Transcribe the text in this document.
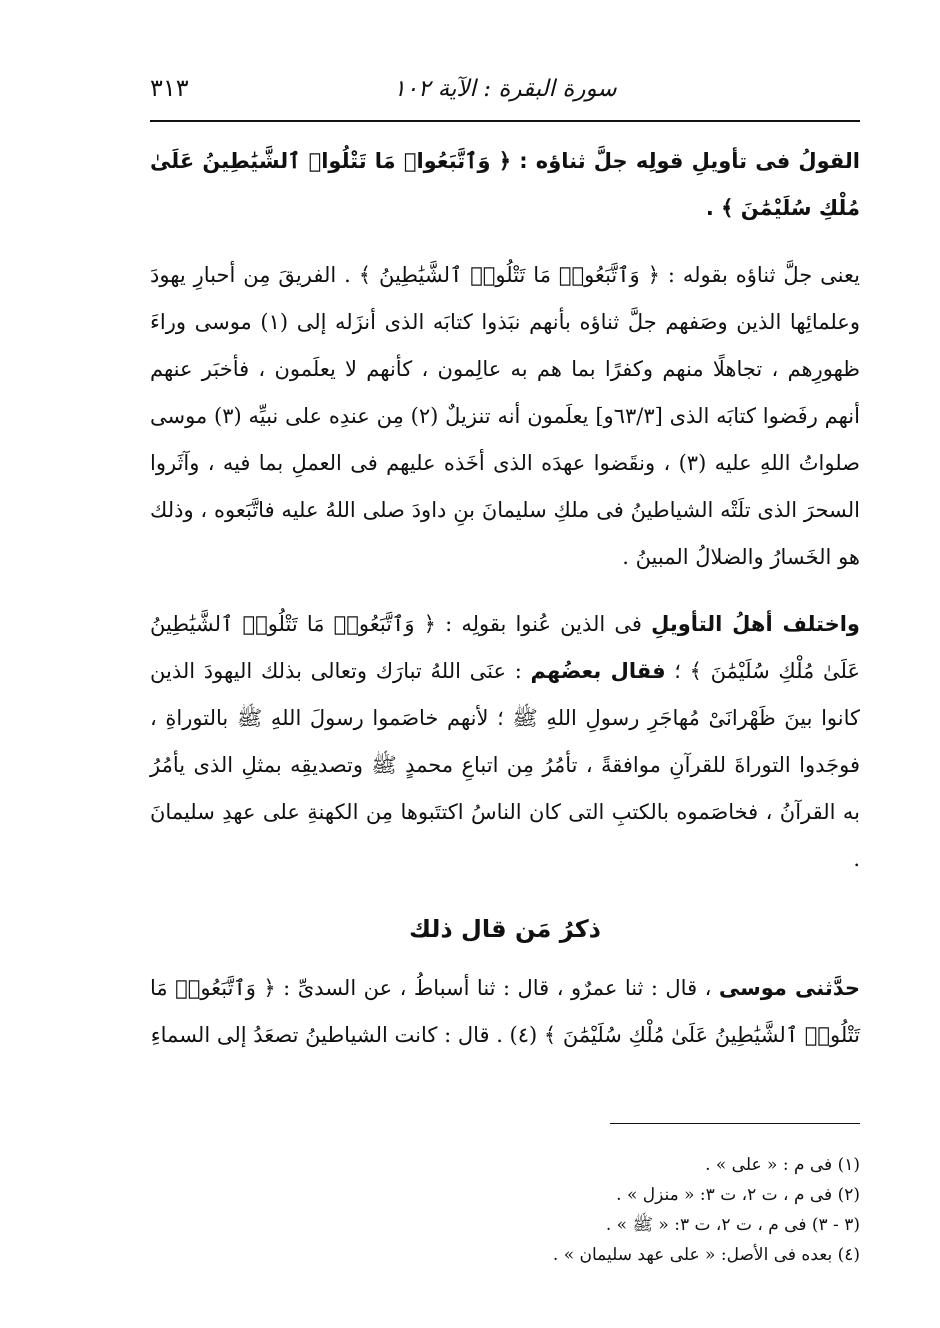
سورة البقرة : الآية ١٠٢
٣١٣

القولُ فى تأويلِ قولِه جلَّ ثناؤه : ﴿ وَٱتَّبَعُوا۟ مَا تَتْلُوا۟ ٱلشَّيَٰطِينُ عَلَىٰ مُلْكِ سُلَيْمَٰنَ ﴾ .

يعنى جلَّ ثناؤه بقوله : ﴿ وَٱتَّبَعُوا۟ مَا تَتْلُوا۟ ٱلشَّيَٰطِينُ ﴾ . الفريقَ مِن أحبارِ يهودَ وعلمائِها الذين وصَفهم جلَّ ثناؤه بأنهم نبَذوا كتابَه الذى أنزَله إلى (١) موسى وراءَ ظهورِهم ، تجاهلًا منهم وكفرًا بما هم به عالِمون ، كأنهم لا يعلَمون ، فأخبَر عنهم أنهم رفَضوا كتابَه الذى [٦٣/٣و] يعلَمون أنه تنزيلٌ (٢) مِن عندِه على نبيِّه (٣) موسى صلواتُ اللهِ عليه (٣) ، ونقَضوا عهدَه الذى أخَذه عليهم فى العملِ بما فيه ، وآثَروا السحرَ الذى تلَتْه الشياطينُ فى ملكِ سليمانَ بنِ داودَ صلى اللهُ عليه فاتَّبَعوه ، وذلك هو الخَسارُ والضلالُ المبينُ .

واختلف أهلُ التأويلِ فى الذين عُنوا بقولِه : ﴿ وَٱتَّبَعُوا۟ مَا تَتْلُوا۟ ٱلشَّيَٰطِينُ عَلَىٰ مُلْكِ سُلَيْمَٰنَ ﴾ ؛ فقال بعضُهم : عنَى اللهُ تبارَك وتعالى بذلك اليهودَ الذين كانوا بينَ ظَهْرانَىْ مُهاجَرِ رسولِ اللهِ ﷺ ؛ لأنهم خاصَموا رسولَ اللهِ ﷺ بالتوراةِ ، فوجَدوا التوراةَ للقرآنِ موافقةً ، تأمُرُ مِن اتباعِ محمدٍ ﷺ وتصديقِه بمثلِ الذى يأمُرُ به القرآنُ ، فخاصَموه بالكتبِ التى كان الناسُ اكتتَبوها مِن الكهنةِ على عهدِ سليمانَ .

ذكرُ مَن قال ذلك

حدَّثنى موسى ، قال : ثنا عمرٌو ، قال : ثنا أسباطُ ، عن السدىِّ : ﴿ وَٱتَّبَعُوا۟ مَا تَتْلُوا۟ ٱلشَّيَٰطِينُ عَلَىٰ مُلْكِ سُلَيْمَٰنَ ﴾ (٤) . قال : كانت الشياطينُ تصعَدُ إلى السماءِ

(١) فى م : « على » .

(٢) فى م ، ت ٢، ت ٣: « منزل » .

(٣ - ٣) فى م ، ت ٢، ت ٣: « ﷺ » .

(٤) بعده فى الأصل: « على عهد سليمان » .
